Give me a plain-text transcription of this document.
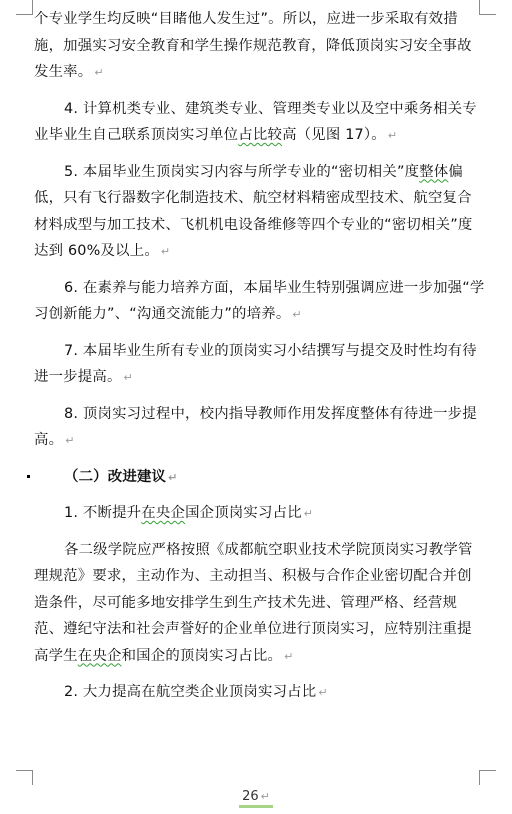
个专业学生均反映“目睹他人发生过”。所以，应进一步采取有效措施，加强实习安全教育和学生操作规范教育，降低顶岗实习安全事故发生率。 ↵

4. 计算机类专业、建筑类专业、管理类专业以及空中乘务相关专业毕业生自己联系顶岗实习单位占比较高（见图 17）。 ↵

5. 本届毕业生顶岗实习内容与所学专业的“密切相关”度整体偏低，只有飞行器数字化制造技术、航空材料精密成型技术、航空复合材料成型与加工技术、飞机机电设备维修等四个专业的“密切相关”度达到 60%及以上。 ↵

6. 在素养与能力培养方面，本届毕业生特别强调应进一步加强“学习创新能力”、“沟通交流能力”的培养。 ↵

7. 本届毕业生所有专业的顶岗实习小结撰写与提交及时性均有待进一步提高。 ↵

8. 顶岗实习过程中，校内指导教师作用发挥度整体有待进一步提高。 ↵

（二）改进建议 ↵

1. 不断提升在央企国企顶岗实习占比 ↵

各二级学院应严格按照《成都航空职业技术学院顶岗实习教学管理规范》要求，主动作为、主动担当、积极与合作企业密切配合并创造条件，尽可能多地安排学生到生产技术先进、管理严格、经营规范、遵纪守法和社会声誉好的企业单位进行顶岗实习，应特别注重提高学生在央企和国企的顶岗实习占比。 ↵

2. 大力提高在航空类企业顶岗实习占比 ↵

26 ↵
